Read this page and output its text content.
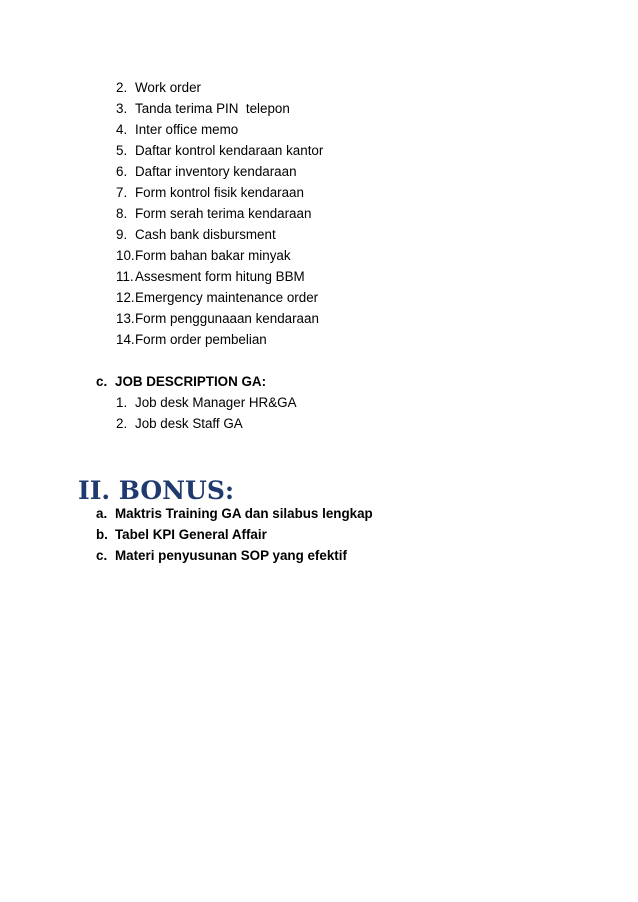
2. Work order
3. Tanda terima PIN  telepon
4. Inter office memo
5. Daftar kontrol kendaraan kantor
6. Daftar inventory kendaraan
7. Form kontrol fisik kendaraan
8. Form serah terima kendaraan
9. Cash bank disbursment
10. Form bahan bakar minyak
11. Assesment form hitung BBM
12. Emergency maintenance order
13. Form penggunaaan kendaraan
14. Form order pembelian
c. JOB DESCRIPTION GA:
1. Job desk Manager HR&GA
2. Job desk Staff GA
II. BONUS:
a. Maktris Training GA dan silabus lengkap
b. Tabel KPI General Affair
c. Materi penyusunan SOP yang efektif
